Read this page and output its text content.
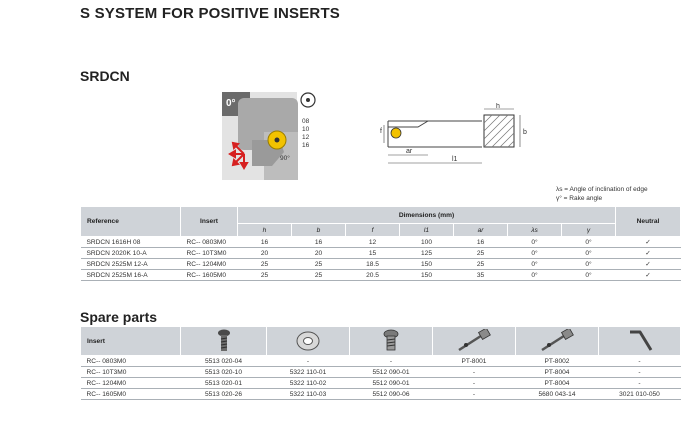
S SYSTEM FOR POSITIVE INSERTS
SRDCN
0°
08
10
12
16
90°
f
ar
l1
h
b
λs = Angle of inclination of edge
γ° = Rake angle
Reference	Insert	Dimensions (mm)							Neutral
		h	b	f	l1	ar	λs	γ	
SRDCN 1616H 08	RC-- 0803M0	16	16	12	100	16	0°	0°	✓
SRDCN 2020K 10-A	RC-- 10T3M0	20	20	15	125	25	0°	0°	✓
SRDCN 2525M 12-A	RC-- 1204M0	25	25	18.5	150	25	0°	0°	✓
SRDCN 2525M 16-A	RC-- 1605M0	25	25	20.5	150	35	0°	0°	✓
Spare parts
Insert	

RC-- 0803M0	5513 020-04	-	-	PT-8001	PT-8002	-
RC-- 10T3M0	5513 020-10	5322 110-01	5512 090-01	-	PT-8004	-
RC-- 1204M0	5513 020-01	5322 110-02	5512 090-01	-	PT-8004	-
RC-- 1605M0	5513 020-26	5322 110-03	5512 090-06	-	5680 043-14	3021 010-050
